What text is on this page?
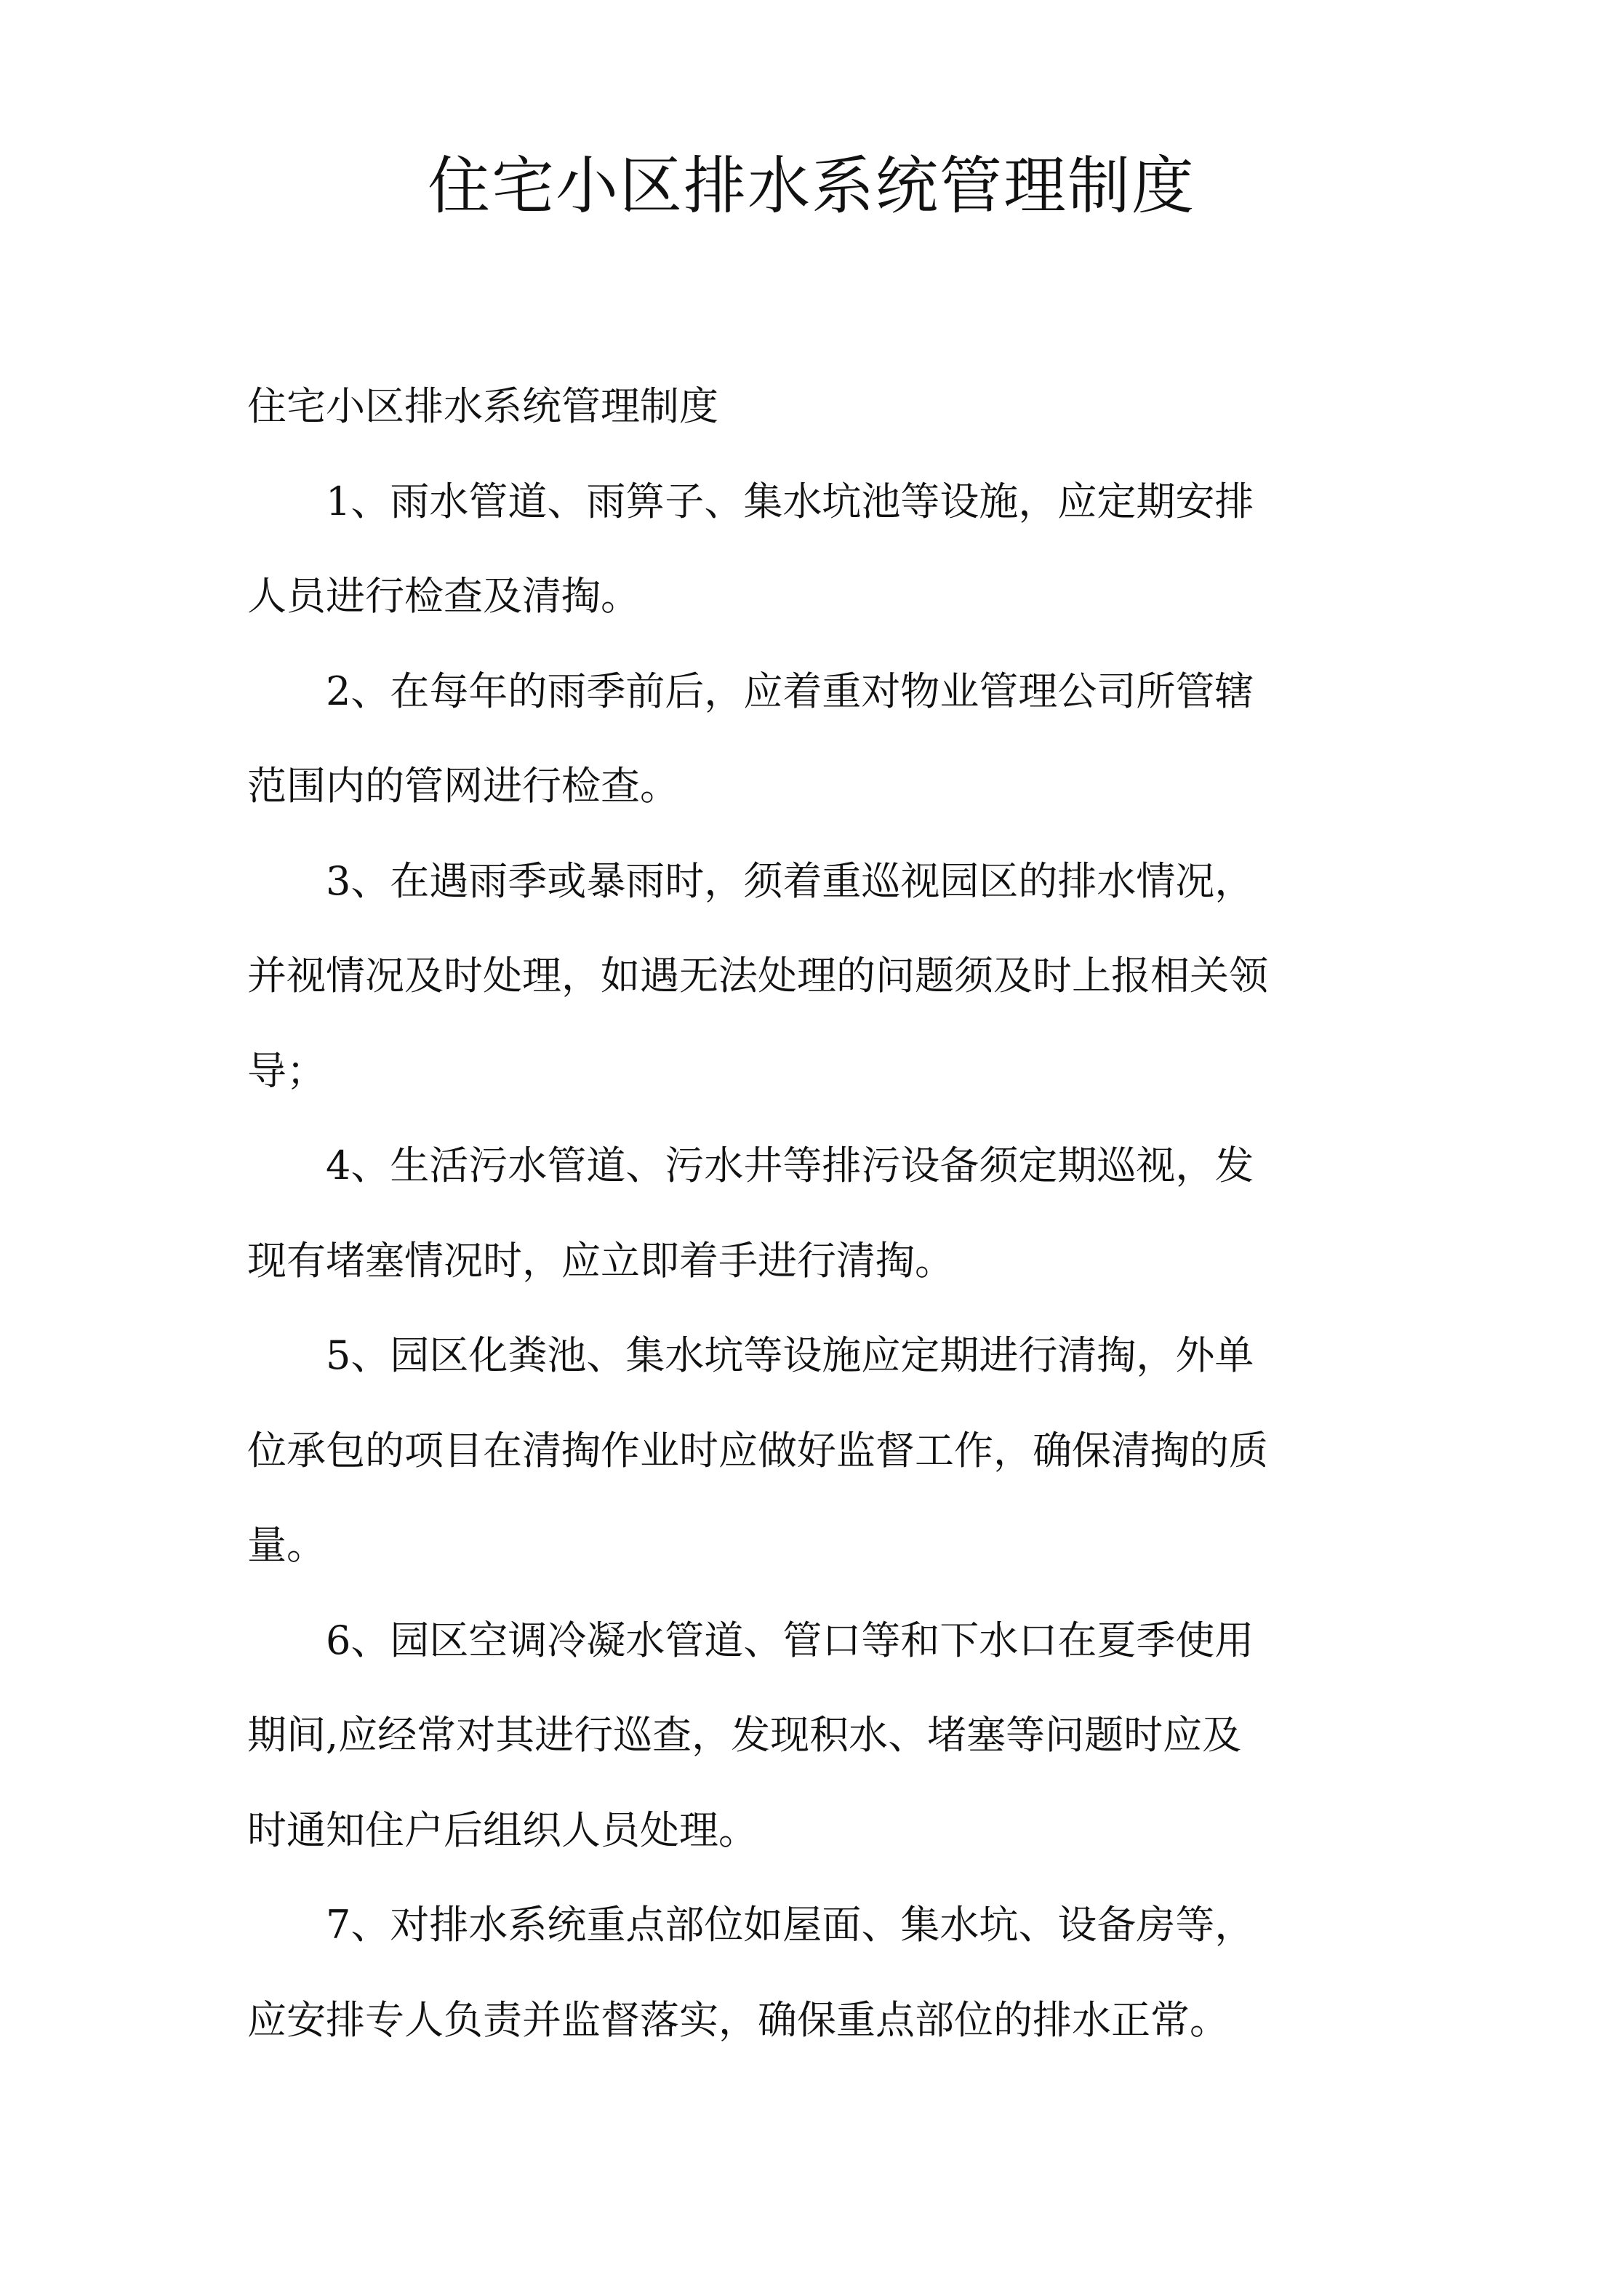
住宅小区排水系统管理制度

住宅小区排水系统管理制度

1、雨水管道、雨箅子、集水坑池等设施，应定期安排

人员进行检查及清掏。

2、在每年的雨季前后，应着重对物业管理公司所管辖

范围内的管网进行检查。

3、在遇雨季或暴雨时，须着重巡视园区的排水情况，

并视情况及时处理，如遇无法处理的问题须及时上报相关领

导；

4、生活污水管道、污水井等排污设备须定期巡视，发

现有堵塞情况时，应立即着手进行清掏。

5、园区化粪池、集水坑等设施应定期进行清掏，外单

位承包的项目在清掏作业时应做好监督工作，确保清掏的质

量。

6、园区空调冷凝水管道、管口等和下水口在夏季使用

期间,应经常对其进行巡查，发现积水、堵塞等问题时应及

时通知住户后组织人员处理。

7、对排水系统重点部位如屋面、集水坑、设备房等，

应安排专人负责并监督落实，确保重点部位的排水正常。
